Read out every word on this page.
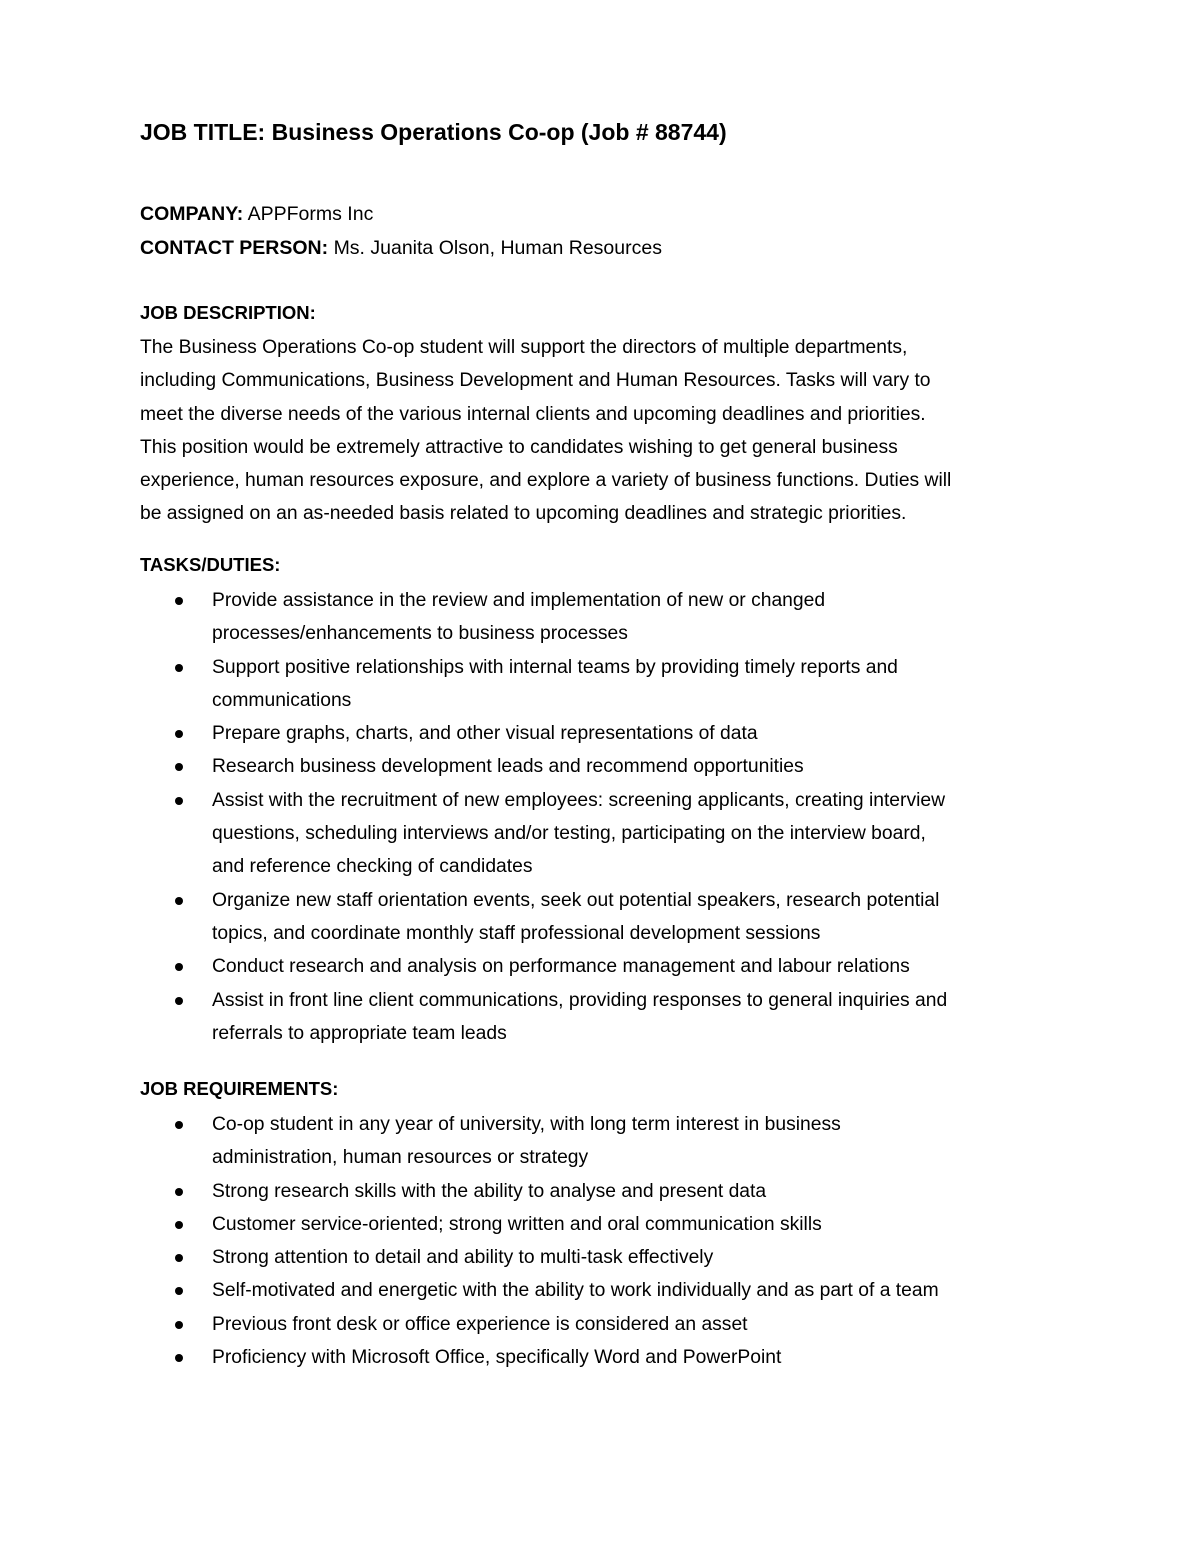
JOB TITLE: Business Operations Co-op (Job # 88744)

COMPANY: APPForms Inc

CONTACT PERSON: Ms. Juanita Olson, Human Resources

JOB DESCRIPTION:

The Business Operations Co-op student will support the directors of multiple departments,
including Communications, Business Development and Human Resources. Tasks will vary to
meet the diverse needs of the various internal clients and upcoming deadlines and priorities.
This position would be extremely attractive to candidates wishing to get general business
experience, human resources exposure, and explore a variety of business functions. Duties will
be assigned on an as-needed basis related to upcoming deadlines and strategic priorities.

TASKS/DUTIES:
Provide assistance in the review and implementation of new or changed
processes/enhancements to business processes
Support positive relationships with internal teams by providing timely reports and
communications
Prepare graphs, charts, and other visual representations of data
Research business development leads and recommend opportunities
Assist with the recruitment of new employees: screening applicants, creating interview
questions, scheduling interviews and/or testing, participating on the interview board,
and reference checking of candidates
Organize new staff orientation events, seek out potential speakers, research potential
topics, and coordinate monthly staff professional development sessions
Conduct research and analysis on performance management and labour relations
Assist in front line client communications, providing responses to general inquiries and
referrals to appropriate team leads
JOB REQUIREMENTS:
Co-op student in any year of university, with long term interest in business
administration, human resources or strategy
Strong research skills with the ability to analyse and present data
Customer service-oriented; strong written and oral communication skills
Strong attention to detail and ability to multi-task effectively
Self-motivated and energetic with the ability to work individually and as part of a team
Previous front desk or office experience is considered an asset
Proficiency with Microsoft Office, specifically Word and PowerPoint
